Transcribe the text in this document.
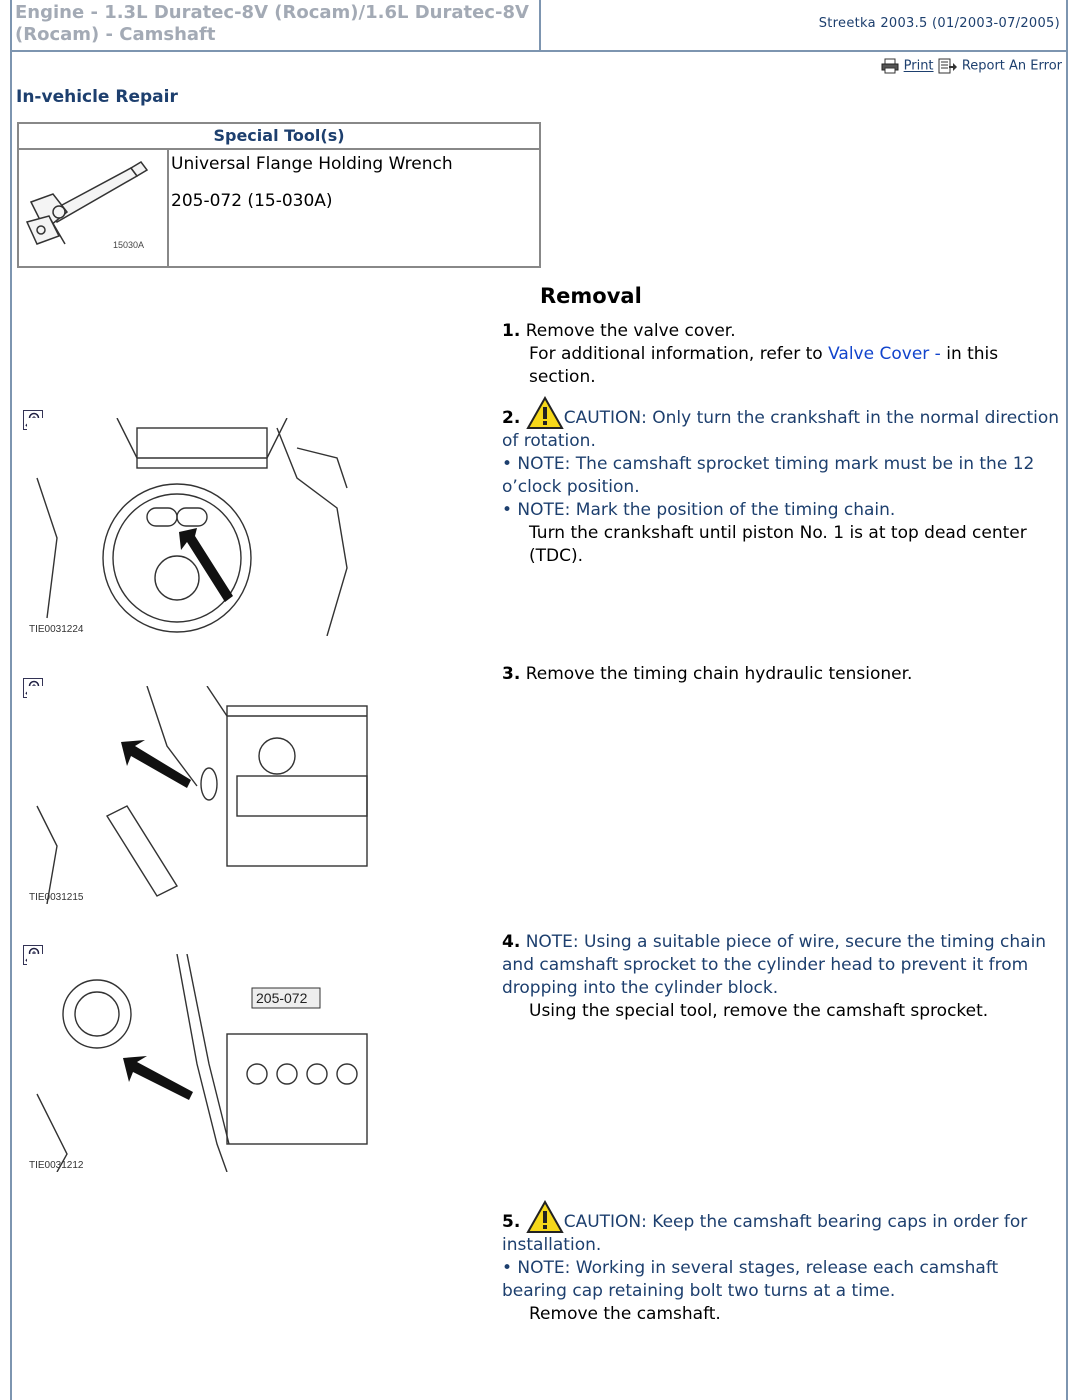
Engine - 1.3L Duratec-8V (Rocam)/1.6L Duratec-8V (Rocam) - Camshaft
Streetka 2003.5 (01/2003-07/2005)
Print Report An Error
In-vehicle Repair
Special Tool(s)
15030A
Universal Flange Holding Wrench
205-072 (15-030A)
Removal
1. Remove the valve cover.
For additional information, refer to Valve Cover - in this section.
2.	CAUTION: Only turn the crankshaft in the normal direction of rotation.
• NOTE: The camshaft sprocket timing mark must be in the 12 o’clock position.
• NOTE: Mark the position of the timing chain.
Turn the crankshaft until piston No. 1 is at top dead center (TDC).
3. Remove the timing chain hydraulic tensioner.
4. NOTE: Using a suitable piece of wire, secure the timing chain and camshaft sprocket to the cylinder head to prevent it from dropping into the cylinder block.
Using the special tool, remove the camshaft sprocket.
5.	CAUTION: Keep the camshaft bearing caps in order for installation.
• NOTE: Working in several stages, release each camshaft bearing cap retaining bolt two turns at a time.
Remove the camshaft.
TIE0031224
TIE0031215
205-072
TIE0031212
